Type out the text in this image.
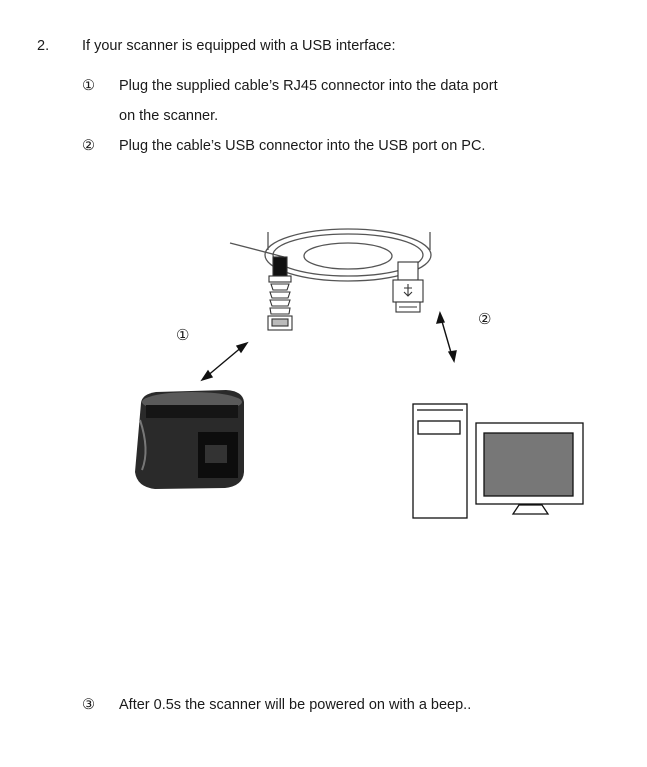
2. If your scanner is equipped with a USB interface:
① Plug the supplied cable’s RJ45 connector into the data port
on the scanner.
② Plug the cable’s USB connector into the USB port on PC.
①
②
③ After 0.5s the scanner will be powered on with a beep..
